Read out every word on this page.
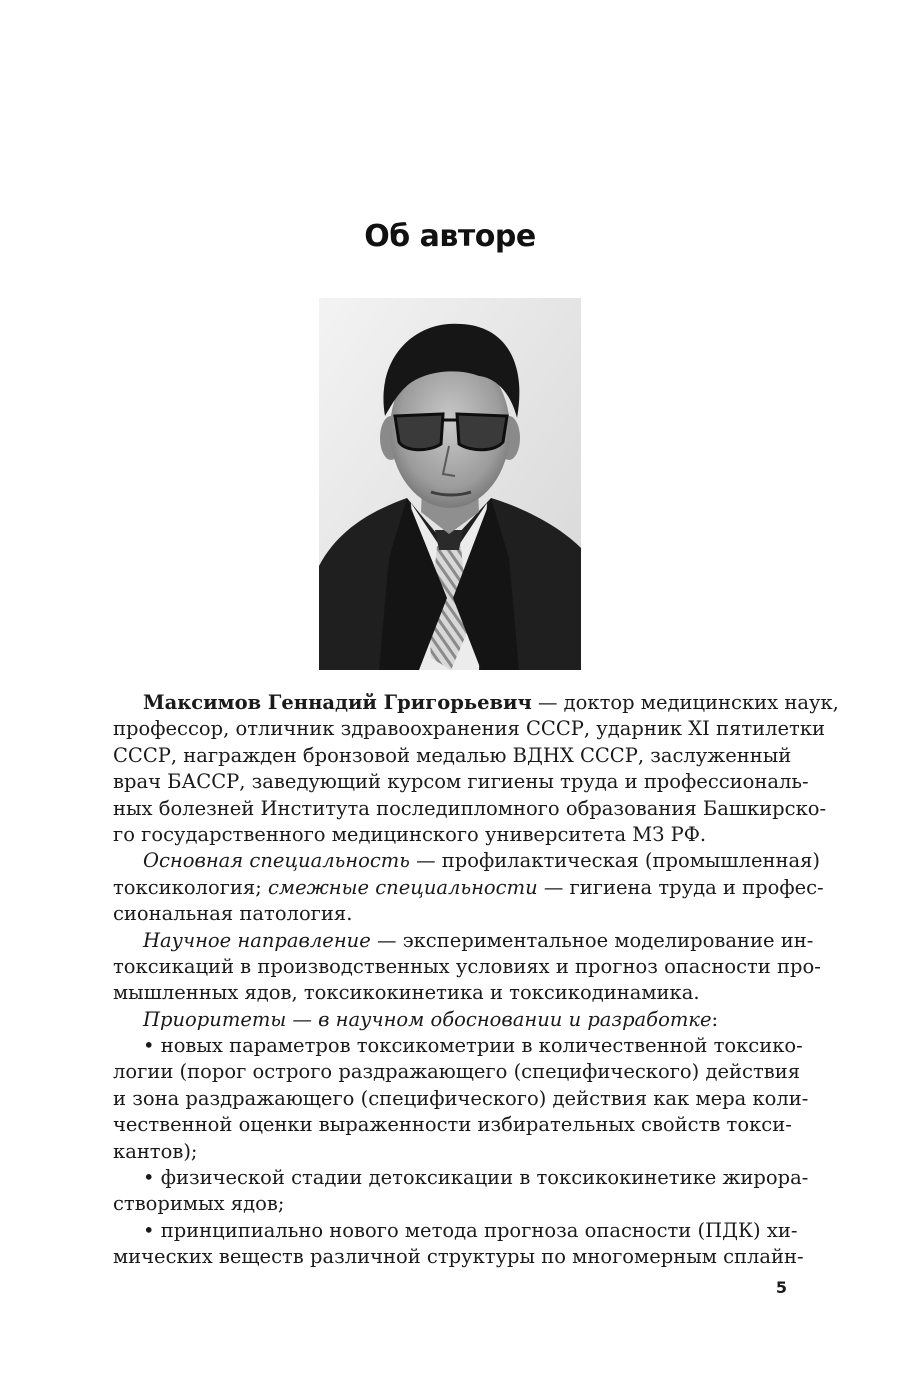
Об авторе
Максимов Геннадий Григорьевич — доктор медицинских наук,
профессор, отличник здравоохранения СССР, ударник XI пятилетки
СССР, награжден бронзовой медалью ВДНХ СССР, заслуженный
врач БАССР, заведующий курсом гигиены труда и профессиональ-
ных болезней Института последипломного образования Башкирско-
го государственного медицинского университета МЗ РФ.
Основная специальность — профилактическая (промышленная)
токсикология; смежные специальности — гигиена труда и профес-
сиональная патология.
Научное направление — экспериментальное моделирование ин-
токсикаций в производственных условиях и прогноз опасности про-
мышленных ядов, токсикокинетика и токсикодинамика.
Приоритеты — в научном обосновании и разработке:
• новых параметров токсикометрии в количественной токсико-
логии (порог острого раздражающего (специфического) действия
и зона раздражающего (специфического) действия как мера коли-
чественной оценки выраженности избирательных свойств токси-
кантов);
• физической стадии детоксикации в токсикокинетике жирора-
створимых ядов;
• принципиально нового метода прогноза опасности (ПДК) хи-
мических веществ различной структуры по многомерным сплайн-
5
